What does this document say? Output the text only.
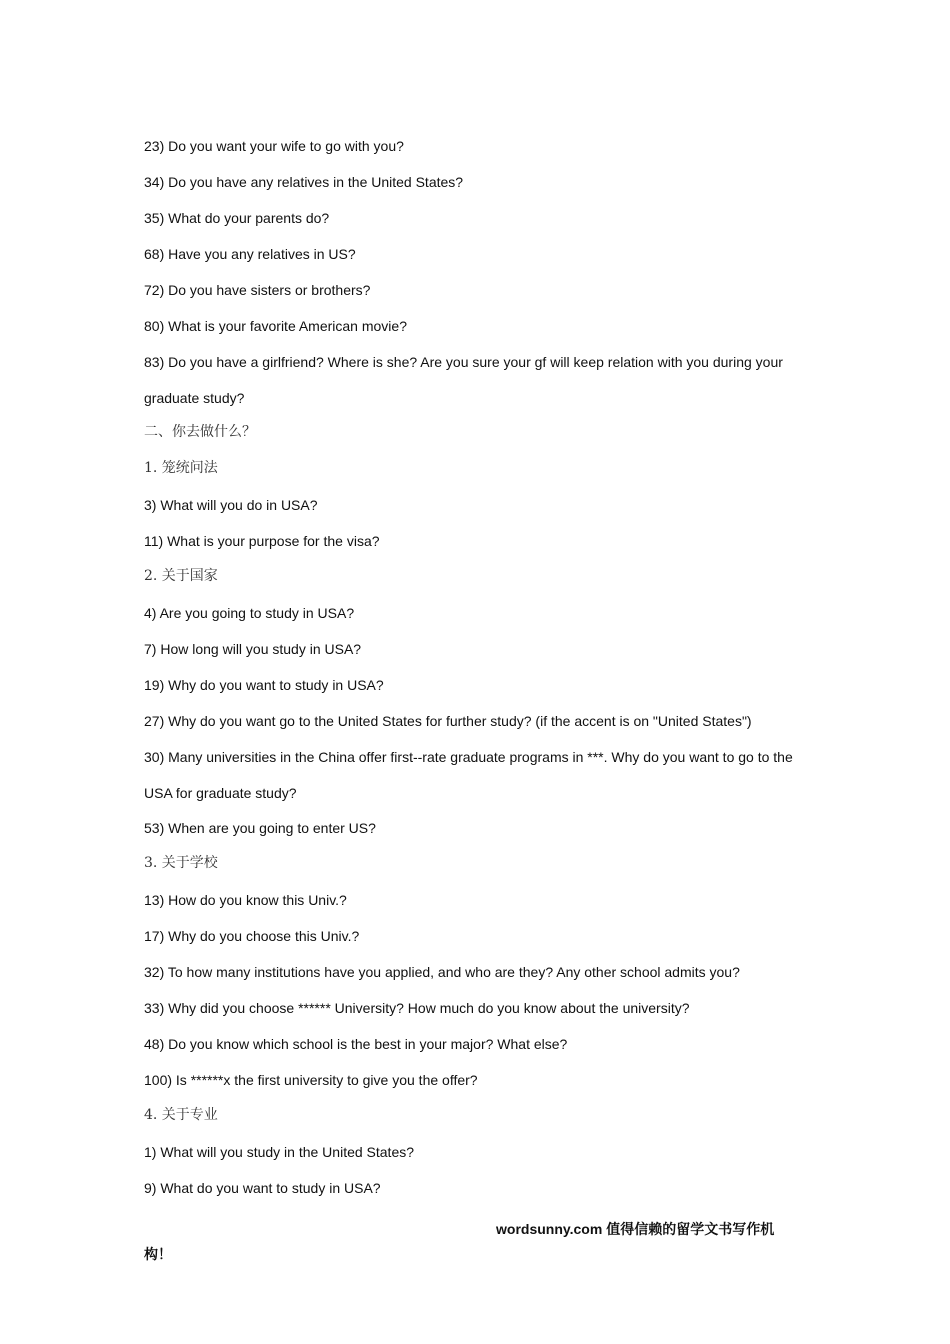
23) Do you want your wife to go with you?
34) Do you have any relatives in the United States?
35) What do your parents do?
68) Have you any relatives in US?
72) Do you have sisters or brothers?
80) What is your favorite American movie?
83) Do you have a girlfriend? Where is she? Are you sure your gf will keep relation with you during your
graduate study?
二、你去做什么？
1. 笼统问法
3) What will you do in USA?
11) What is your purpose for the visa?
2. 关于国家
4) Are you going to study in USA?
7) How long will you study in USA?
19) Why do you want to study in USA?
27) Why do you want go to the United States for further study? (if the accent is on "United States")
30) Many universities in the China offer first--rate graduate programs in ***. Why do you want to go to the
USA for graduate study?
53) When are you going to enter US?
3. 关于学校
13) How do you know this Univ.?
17) Why do you choose this Univ.?
32) To how many institutions have you applied, and who are they? Any other school admits you?
33) Why did you choose ****** University? How much do you know about the university?
48) Do you know which school is the best in your major? What else?
100) Is ******x the first university to give you the offer?
4. 关于专业
1) What will you study in the United States?
9) What do you want to study in USA?
wordsunny.com 值得信赖的留学文书写作机
构！
